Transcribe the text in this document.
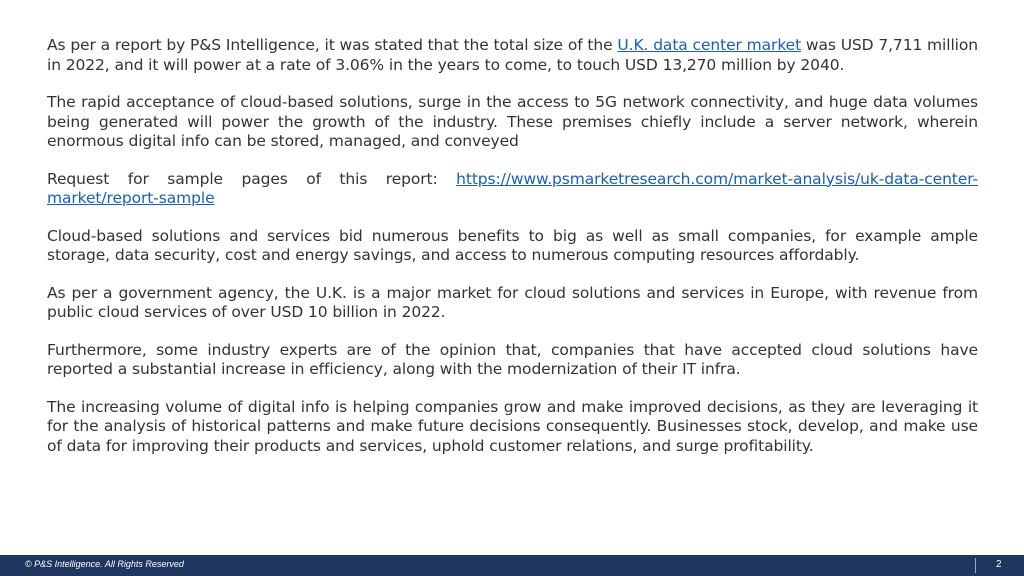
As per a report by P&S Intelligence, it was stated that the total size of the U.K. data center market was USD 7,711 million in 2022, and it will power at a rate of 3.06% in the years to come, to touch USD 13,270 million by 2040.

The rapid acceptance of cloud-based solutions, surge in the access to 5G network connectivity, and huge data volumes being generated will power the growth of the industry. These premises chiefly include a server network, wherein enormous digital info can be stored, managed, and conveyed

Request for sample pages of this report: https://www.psmarketresearch.com/market-analysis/uk-data-center-market/report-sample

Cloud-based solutions and services bid numerous benefits to big as well as small companies, for example ample storage, data security, cost and energy savings, and access to numerous computing resources affordably.

As per a government agency, the U.K. is a major market for cloud solutions and services in Europe, with revenue from public cloud services of over USD 10 billion in 2022.

Furthermore, some industry experts are of the opinion that, companies that have accepted cloud solutions have reported a substantial increase in efficiency, along with the modernization of their IT infra.

The increasing volume of digital info is helping companies grow and make improved decisions, as they are leveraging it for the analysis of historical patterns and make future decisions consequently. Businesses stock, develop, and make use of data for improving their products and services, uphold customer relations, and surge profitability.

© P&S Intelligence. All Rights Reserved	2
